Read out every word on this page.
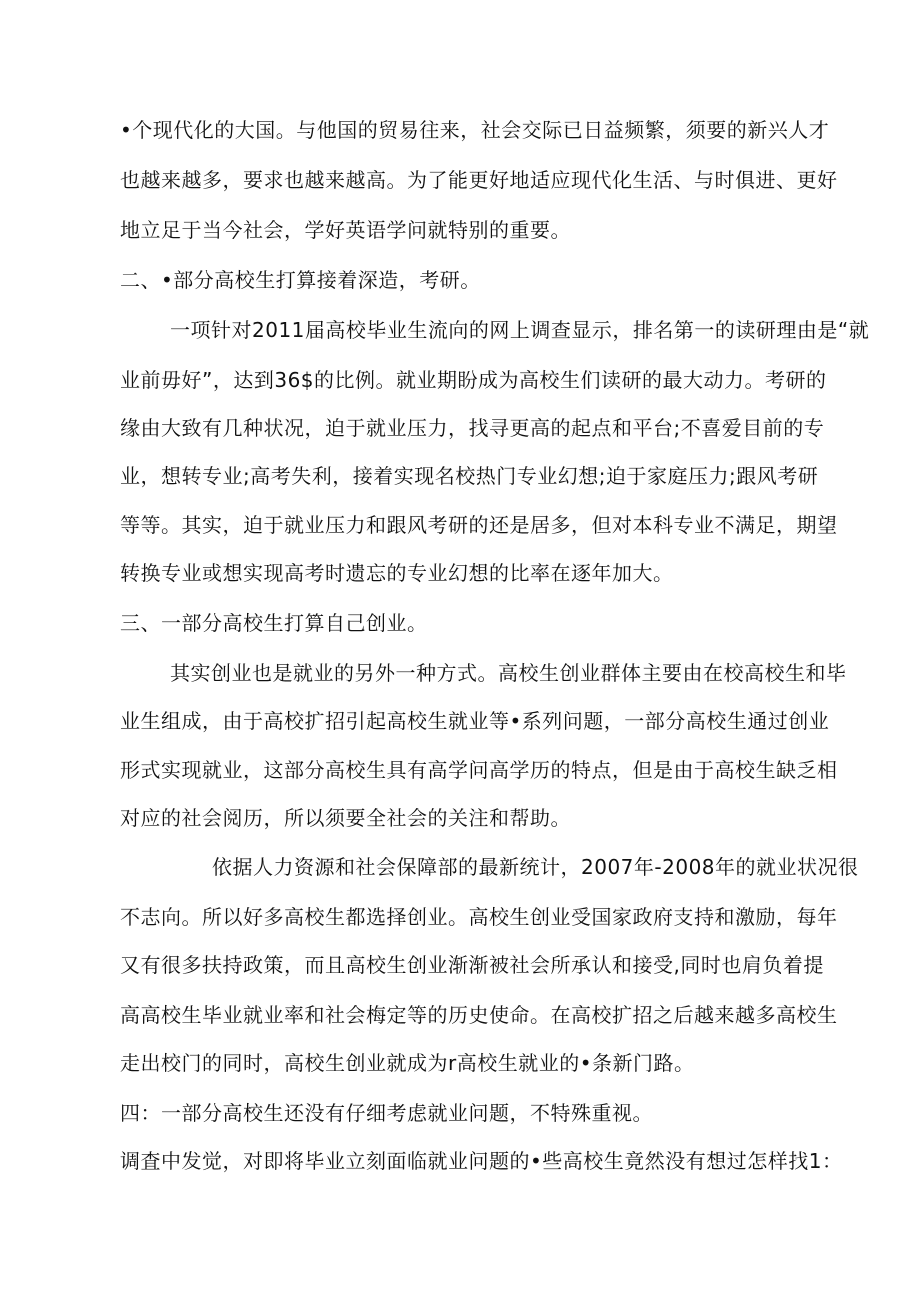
•个现代化的大国。与他国的贸易往来，社会交际已日益频繁，须要的新兴人才
也越来越多，要求也越来越高。为了能更好地适应现代化生活、与时俱进、更好
地立足于当今社会，学好英语学问就特别的重要。
二、•部分高校生打算接着深造，考研。
一项针对2011届高校毕业生流向的网上调查显示，排名第一的读研理由是“就
业前毋好”，达到36$的比例。就业期盼成为高校生们读研的最大动力。考研的
缘由大致有几种状况，迫于就业压力，找寻更高的起点和平台;不喜爱目前的专
业，想转专业;高考失利，接着实现名校热门专业幻想;迫于家庭压力;跟风考研
等等。其实，迫于就业压力和跟风考研的还是居多，但对本科专业不满足，期望
转换专业或想实现高考时遗忘的专业幻想的比率在逐年加大。
三、一部分高校生打算自己创业。
其实创业也是就业的另外一种方式。高校生创业群体主要由在校高校生和毕
业生组成，由于高校扩招引起高校生就业等•系列问题，一部分高校生通过创业
形式实现就业，这部分高校生具有高学问高学历的特点，但是由于高校生缺乏相
对应的社会阅历，所以须要全社会的关注和帮助。
依据人力资源和社会保障部的最新统计，2007年-2008年的就业状况很
不志向。所以好多高校生都选择创业。高校生创业受国家政府支持和激励，每年
又有很多扶持政策，而且高校生创业渐渐被社会所承认和接受,同时也肩负着提
高高校生毕业就业率和社会梅定等的历史使命。在高校扩招之后越来越多高校生
走出校门的同时，高校生创业就成为r高校生就业的•条新门路。
四：一部分高校生还没有仔细考虑就业问题，不特殊重视。
调査中发觉，对即将毕业立刻面临就业问题的•些高校生竟然没有想过怎样找1：
